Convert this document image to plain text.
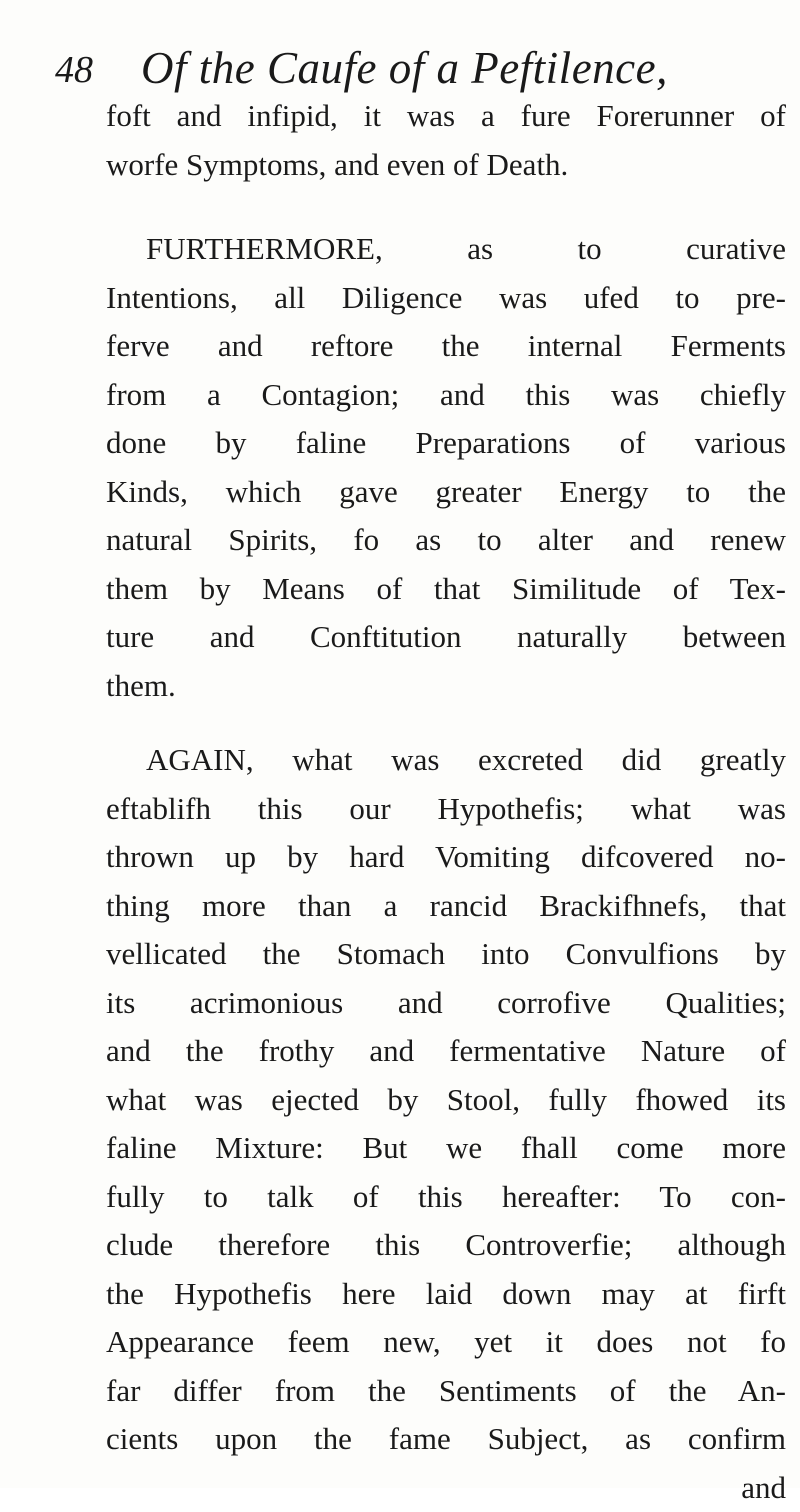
48 Of the Caufe of a Peftilence,
foft and infipid, it was a fure Forerunner of
worfe Symptoms, and even of Death.
FURTHERMORE, as to curative
Intentions, all Diligence was ufed to pre-
ferve and reftore the internal Ferments
from a Contagion; and this was chiefly
done by faline Preparations of various
Kinds, which gave greater Energy to the
natural Spirits, fo as to alter and renew
them by Means of that Similitude of Tex-
ture and Conftitution naturally between
them.
AGAIN, what was excreted did greatly
eftablifh this our Hypothefis; what was
thrown up by hard Vomiting difcovered no-
thing more than a rancid Brackifhnefs, that
vellicated the Stomach into Convulfions by
its acrimonious and corrofive Qualities;
and the frothy and fermentative Nature of
what was ejected by Stool, fully fhowed its
faline Mixture: But we fhall come more
fully to talk of this hereafter: To con-
clude therefore this Controverfie; although
the Hypothefis here laid down may at firft
Appearance feem new, yet it does not fo
far differ from the Sentiments of the An-
cients upon the fame Subject, as confirm
and
